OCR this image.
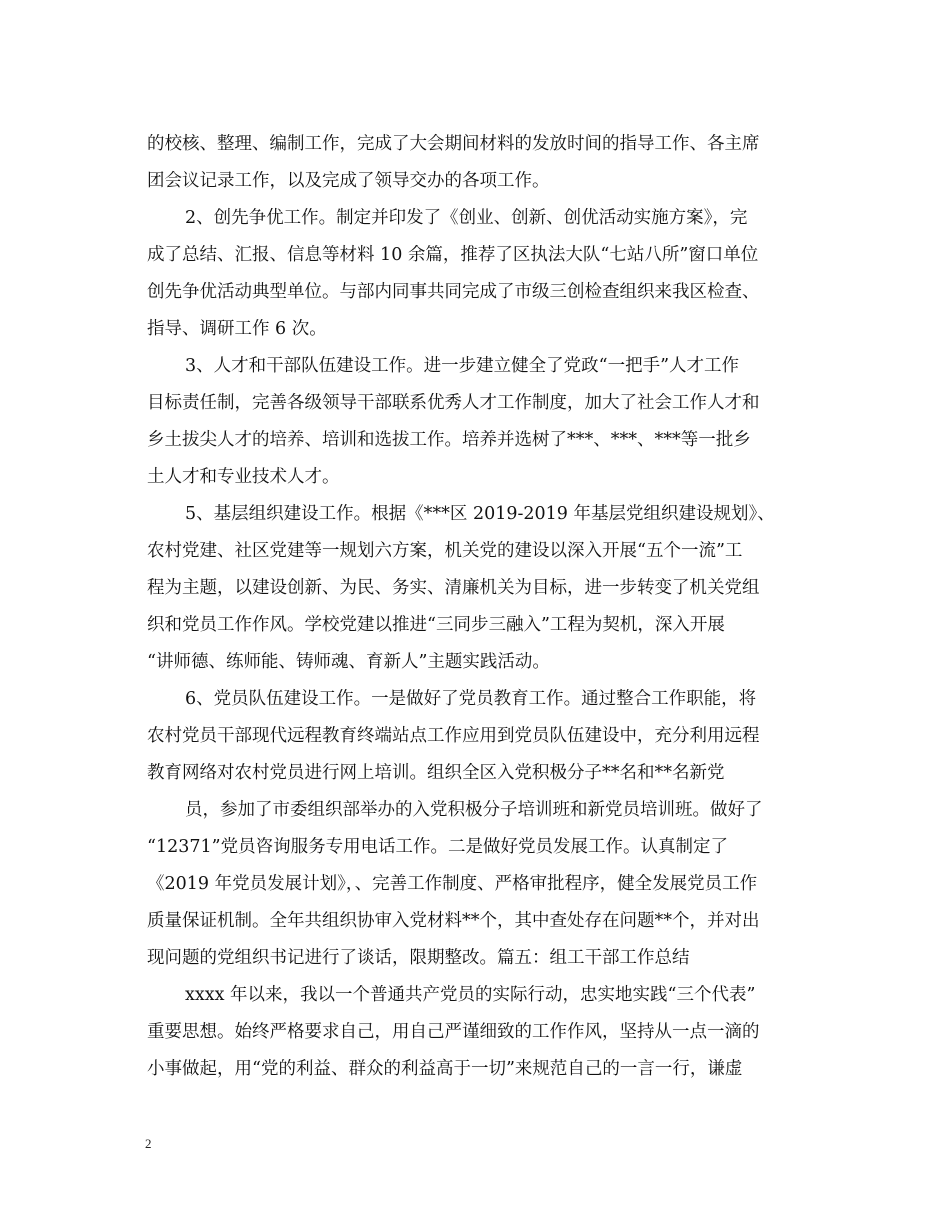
的校核、整理、编制工作，完成了大会期间材料的发放时间的指导工作、各主席
团会议记录工作，以及完成了领导交办的各项工作。
2、创先争优工作。制定并印发了《创业、创新、创优活动实施方案》，完
成了总结、汇报、信息等材料 10 余篇，推荐了区执法大队“七站八所”窗口单位
创先争优活动典型单位。与部内同事共同完成了市级三创检查组织来我区检查、
指导、调研工作 6 次。
3、人才和干部队伍建设工作。进一步建立健全了党政“一把手”人才工作
目标责任制，完善各级领导干部联系优秀人才工作制度，加大了社会工作人才和
乡土拔尖人才的培养、培训和选拔工作。培养并选树了***、***、***等一批乡
土人才和专业技术人才。
5、基层组织建设工作。根据《***区 2019-2019 年基层党组织建设规划》、
农村党建、社区党建等一规划六方案，机关党的建设以深入开展“五个一流”工
程为主题，以建设创新、为民、务实、清廉机关为目标，进一步转变了机关党组
织和党员工作作风。学校党建以推进“三同步三融入”工程为契机，深入开展
“讲师德、练师能、铸师魂、育新人”主题实践活动。
6、党员队伍建设工作。一是做好了党员教育工作。通过整合工作职能，将
农村党员干部现代远程教育终端站点工作应用到党员队伍建设中，充分利用远程
教育网络对农村党员进行网上培训。组织全区入党积极分子**名和**名新党
员，参加了市委组织部举办的入党积极分子培训班和新党员培训班。做好了
“12371”党员咨询服务专用电话工作。二是做好党员发展工作。认真制定了
《2019 年党员发展计划》，、完善工作制度、严格审批程序，健全发展党员工作
质量保证机制。全年共组织协审入党材料**个，其中查处存在问题**个，并对出
现问题的党组织书记进行了谈话，限期整改。篇五：组工干部工作总结
xxxx 年以来，我以一个普通共产党员的实际行动，忠实地实践“三个代表”
重要思想。始终严格要求自己，用自己严谨细致的工作作风，坚持从一点一滴的
小事做起，用“党的利益、群众的利益高于一切”来规范自己的一言一行，谦虚
2
